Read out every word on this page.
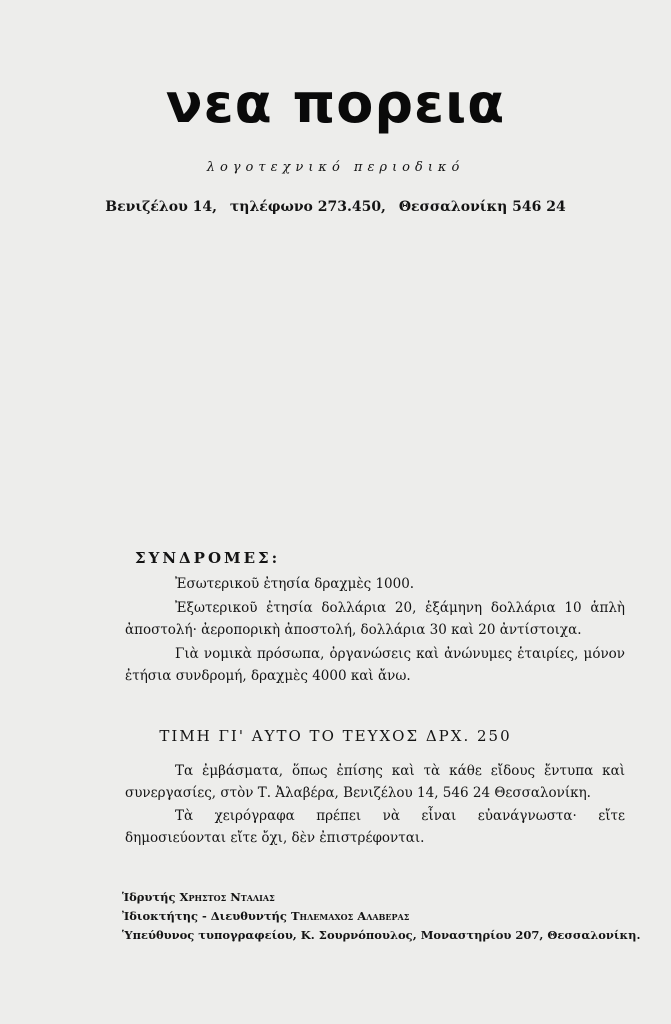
νεα πορεια
λογοτεχνικό περιοδικό
Βενιζέλου 14, τηλέφωνο 273.450, Θεσσαλονίκη 546 24
ΣΥΝΔΡΟΜΕΣ:
Ἐσωτερικοῦ ἐτησία δραχμὲς 1000.
Ἐξωτερικοῦ ἐτησία δολλάρια 20, ἑξάμηνη δολλάρια 10 ἁπλὴ ἀποστολή· ἀεροπορικὴ ἀποστολή, δολλάρια 30 καὶ 20 ἀντίστοιχα.
Γιὰ νομικὰ πρόσωπα, ὀργανώσεις καὶ ἀνώνυμες ἑταιρίες, μόνον ἐτήσια συνδρομή, δραχμὲς 4000 καὶ ἄνω.
ΤΙΜΗ ΓΙ' ΑΥΤΟ ΤΟ ΤΕΥΧΟΣ ΔΡΧ. 250
Τα ἐμβάσματα, ὅπως ἐπίσης καὶ τὰ κάθε εἴδους ἔντυπα καὶ συνεργασίες, στὸν Τ. Ἀλαβέρα, Βενιζέλου 14, 546 24 Θεσσαλονίκη.
Τὰ χειρόγραφα πρέπει νὰ εἶναι εὐανάγνωστα· εἴτε δημοσιεύονται εἴτε ὄχι, δὲν ἐπιστρέφονται.
Ἱδρυτής Χρηστος Νταλιας
Ἰδιοκτήτης - Διευθυντής Τηλεμαχος Αλαβερας
Ὑπεύθυνος τυπογραφείου, Κ. Σουρνόπουλος, Μοναστηρίου 207, Θεσσαλονίκη.
